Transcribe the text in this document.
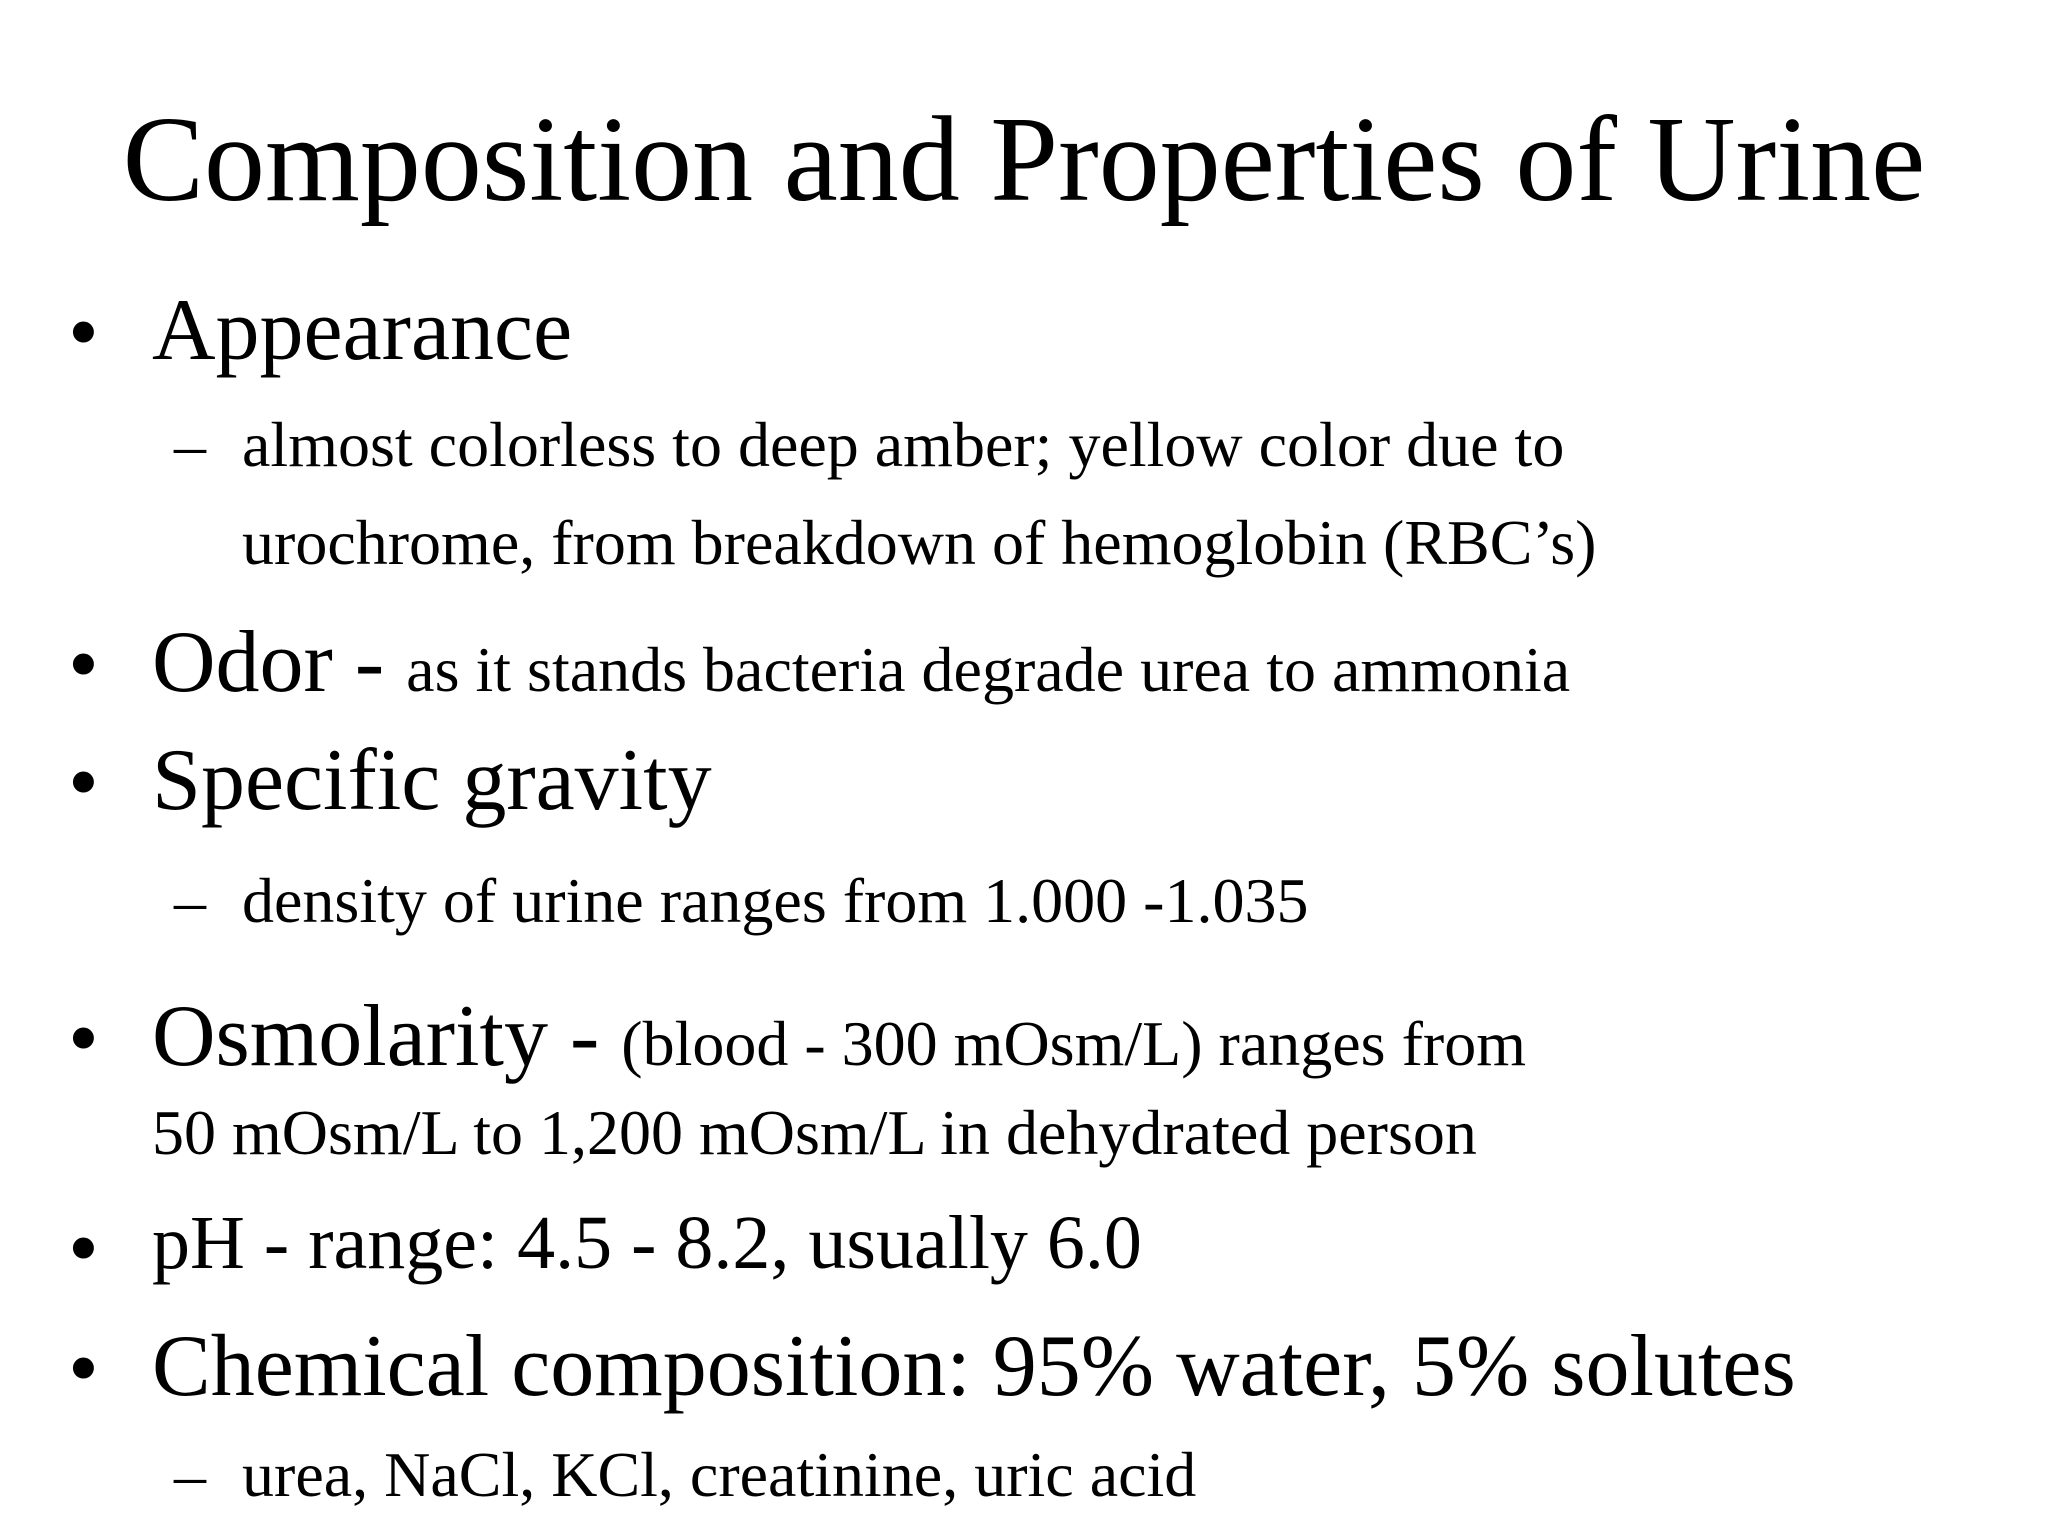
Composition and Properties of Urine
• Appearance
– almost colorless to deep amber; yellow color due to
urochrome, from breakdown of hemoglobin (RBC’s)
• Odor - as it stands bacteria degrade urea to ammonia
• Specific gravity
– density of urine ranges from 1.000 -1.035
• Osmolarity - (blood - 300 mOsm/L) ranges from
50 mOsm/L to 1,200 mOsm/L in dehydrated person
• pH - range: 4.5 - 8.2, usually 6.0
• Chemical composition: 95% water, 5% solutes
– urea, NaCl, KCl, creatinine, uric acid
